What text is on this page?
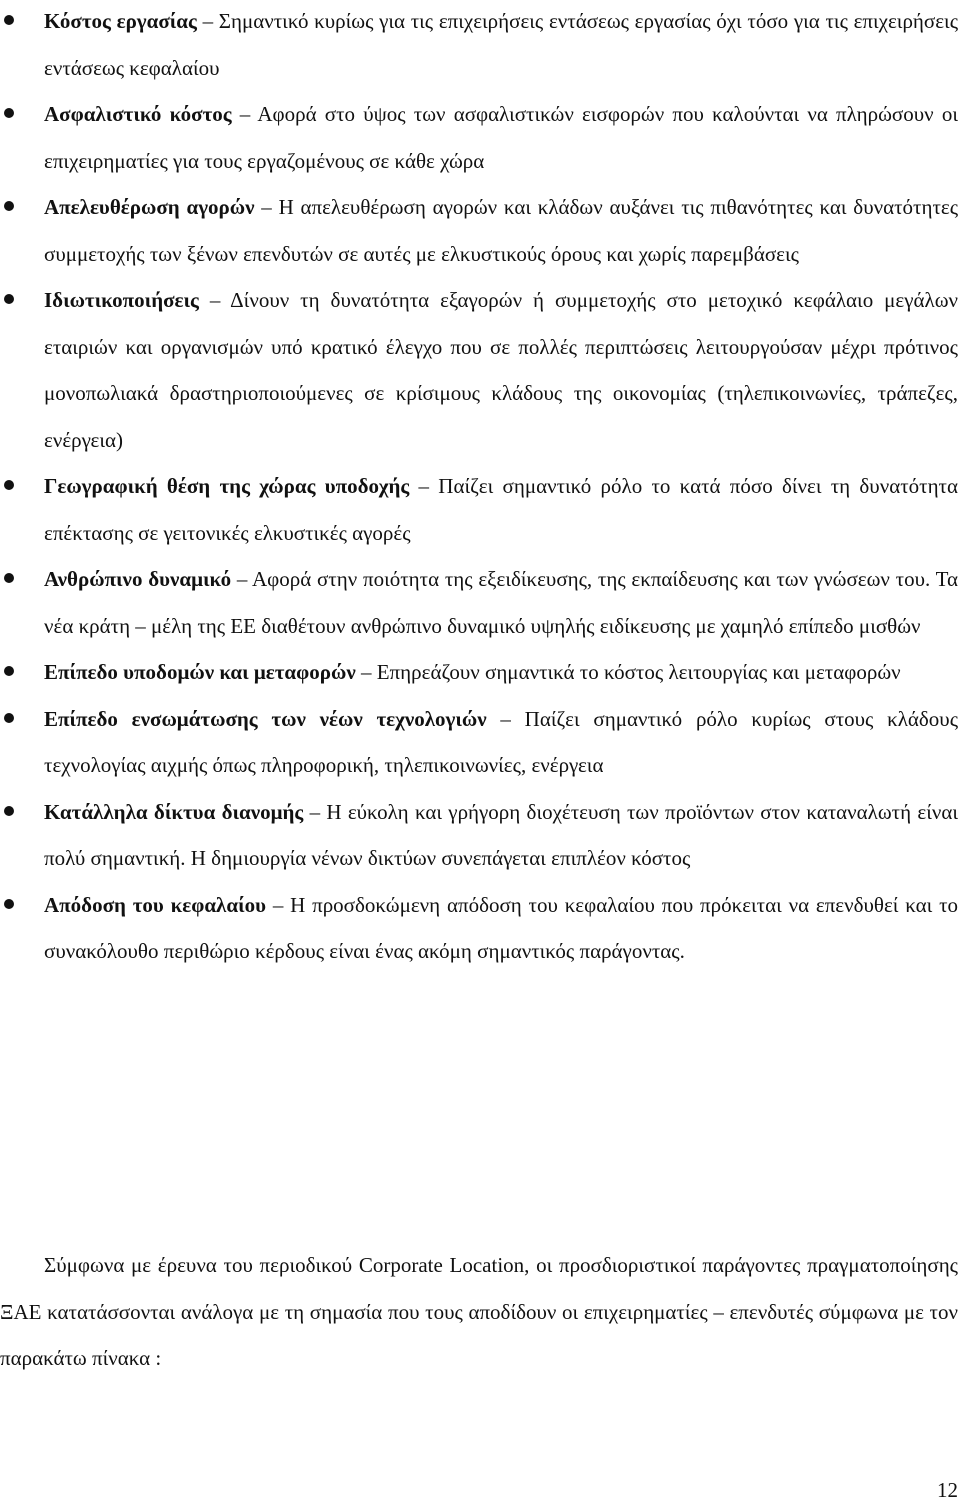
Κόστος εργασίας – Σημαντικό κυρίως για τις επιχειρήσεις εντάσεως εργασίας όχι τόσο για τις επιχειρήσεις εντάσεως κεφαλαίου
Ασφαλιστικό κόστος – Αφορά στο ύψος των ασφαλιστικών εισφορών που καλούνται να πληρώσουν οι επιχειρηματίες για τους εργαζομένους σε κάθε χώρα
Απελευθέρωση αγορών – Η απελευθέρωση αγορών και κλάδων αυξάνει τις πιθανότητες και δυνατότητες συμμετοχής των ξένων επενδυτών σε αυτές με ελκυστικούς όρους και χωρίς παρεμβάσεις
Ιδιωτικοποιήσεις – Δίνουν τη δυνατότητα εξαγορών ή συμμετοχής στο μετοχικό κεφάλαιο μεγάλων εταιριών και οργανισμών υπό κρατικό έλεγχο που σε πολλές περιπτώσεις λειτουργούσαν μέχρι πρότινος μονοπωλιακά δραστηριοποιούμενες σε κρίσιμους κλάδους της οικονομίας (τηλεπικοινωνίες, τράπεζες, ενέργεια)
Γεωγραφική θέση της χώρας υποδοχής – Παίζει σημαντικό ρόλο το κατά πόσο δίνει τη δυνατότητα επέκτασης σε γειτονικές ελκυστικές αγορές
Ανθρώπινο δυναμικό – Αφορά στην ποιότητα της εξειδίκευσης, της εκπαίδευσης και των γνώσεων του. Τα νέα κράτη – μέλη της ΕΕ διαθέτουν ανθρώπινο δυναμικό υψηλής ειδίκευσης με χαμηλό επίπεδο μισθών
Επίπεδο υποδομών και μεταφορών – Επηρεάζουν σημαντικά το κόστος λειτουργίας και μεταφορών
Επίπεδο ενσωμάτωσης των νέων τεχνολογιών – Παίζει σημαντικό ρόλο κυρίως στους κλάδους τεχνολογίας αιχμής όπως πληροφορική, τηλεπικοινωνίες, ενέργεια
Κατάλληλα δίκτυα διανομής – Η εύκολη και γρήγορη διοχέτευση των προϊόντων στον καταναλωτή είναι πολύ σημαντική. Η δημιουργία νένων δικτύων συνεπάγεται επιπλέον κόστος
Απόδοση του κεφαλαίου – Η προσδοκώμενη απόδοση του κεφαλαίου που πρόκειται να επενδυθεί και το συνακόλουθο περιθώριο κέρδους είναι ένας ακόμη σημαντικός παράγοντας.

Σύμφωνα με έρευνα του περιοδικού Corporate Location, οι προσδιοριστικοί παράγοντες πραγματοποίησης ΞΑΕ κατατάσσονται ανάλογα με τη σημασία που τους αποδίδουν οι επιχειρηματίες – επενδυτές σύμφωνα με τον παρακάτω πίνακα :

12
